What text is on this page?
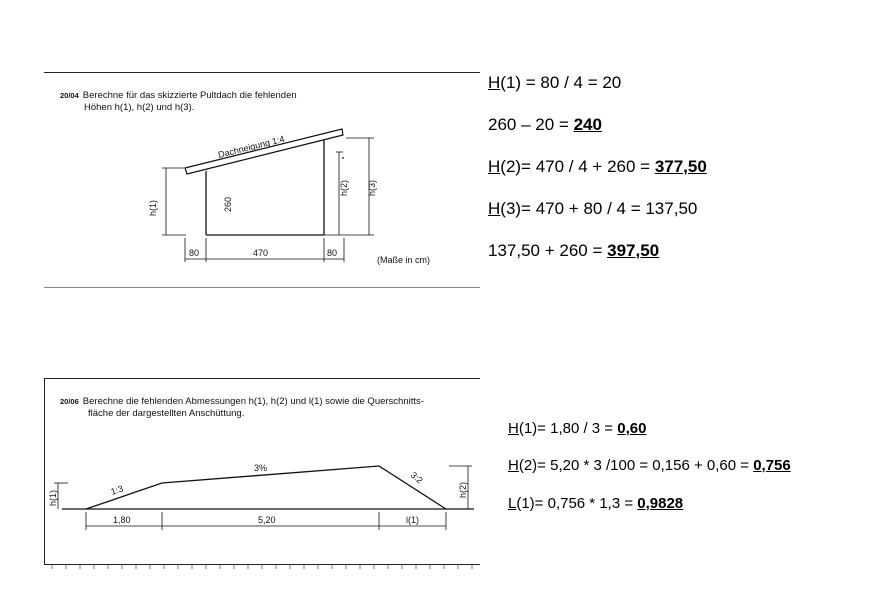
20/04 Berechne für das skizzierte Pultdach die fehlenden
Höhen h(1), h(2) und h(3).
h(1)	260
h(2) h(3)
80	470	80
Dachneigung 1:4
(Maße in cm)
H(1) = 80 / 4 = 20
260 – 20 = 240
H(2)= 470 / 4 + 260 = 377,50
H(3)= 470 + 80 / 4 = 137,50
137,50 + 260 = 397,50
20/06 Berechne die fehlenden Abmessungen h(1), h(2) und l(1) sowie die Querschnitts-
fläche der dargestellten Anschüttung.
h(1)	h(2)
1:3
3%
3:2
1,80	5,20	l(1)
H(1)= 1,80 / 3 = 0,60
H(2)= 5,20 * 3 /100 = 0,156 + 0,60 = 0,756
L(1)= 0,756 * 1,3 = 0,9828
